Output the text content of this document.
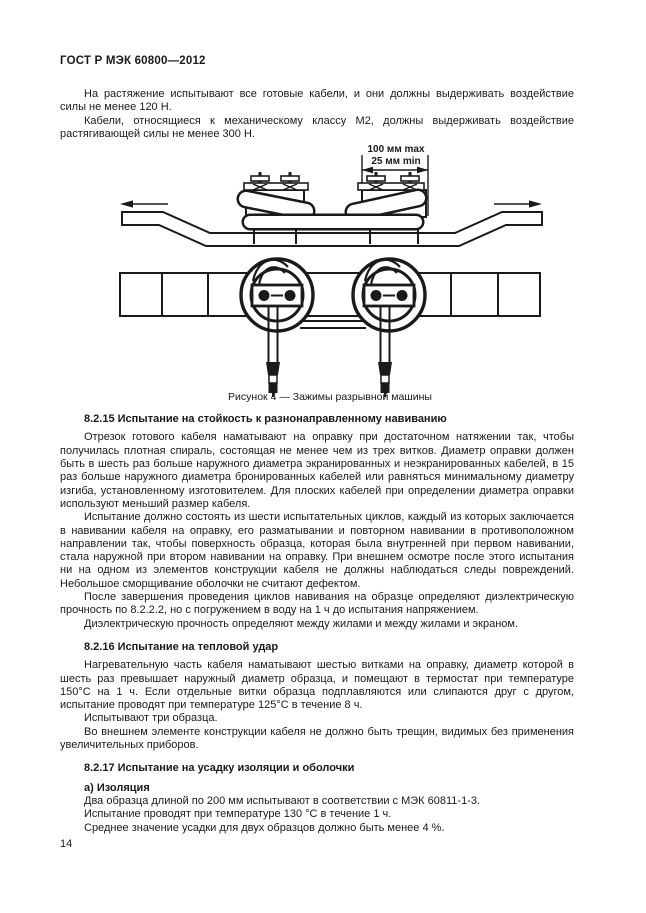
ГОСТ Р МЭК 60800—2012

На растяжение испытывают все готовые кабели, и они должны выдерживать воздействие силы не менее 120 Н.

Кабели, относящиеся к механическому классу М2, должны выдерживать воздействие растягивающей силы не менее 300 Н.

100 мм max
25 мм min
Рисунок 4 — Зажимы разрывной машины
8.2.15 Испытание на стойкость к разнонаправленному навиванию

Отрезок готового кабеля наматывают на оправку при достаточном натяжении так, чтобы получилась плотная спираль, состоящая не менее чем из трех витков. Диаметр оправки должен быть в шесть раз больше наружного диаметра экранированных и неэкранированных кабелей, в 15 раз больше наружного диаметра бронированных кабелей или равняться минимальному диаметру изгиба, установленному изготовителем. Для плоских кабелей при определении диаметра оправки используют меньший размер кабеля.

Испытание должно состоять из шести испытательных циклов, каждый из которых заключается в навивании кабеля на оправку, его разматывании и повторном навивании в противоположном направлении так, чтобы поверхность образца, которая была внутренней при первом навивании, стала наружной при втором навивании на оправку. При внешнем осмотре после этого испытания ни на одном из элементов конструкции кабеля не должны наблюдаться следы повреждений. Небольшое сморщивание оболочки не считают дефектом.

После завершения проведения циклов навивания на образце определяют диэлектрическую прочность по 8.2.2.2, но с погружением в воду на 1 ч до испытания напряжением.

Диэлектрическую прочность определяют между жилами и между жилами и экраном.

8.2.16 Испытание на тепловой удар

Нагревательную часть кабеля наматывают шестью витками на оправку, диаметр которой в шесть раз превышает наружный диаметр образца, и помещают в термостат при температуре 150°С на 1 ч. Если отдельные витки образца подплавляются или слипаются друг с другом, испытание проводят при температуре 125°С в течение 8 ч.

Испытывают три образца.

Во внешнем элементе конструкции кабеля не должно быть трещин, видимых без применения увеличительных приборов.

8.2.17 Испытание на усадку изоляции и оболочки
а) Изоляция

Два образца длиной по 200 мм испытывают в соответствии с МЭК 60811-1-3.

Испытание проводят при температуре 130 °С в течение 1 ч.

Среднее значение усадки для двух образцов должно быть менее 4 %.

14
